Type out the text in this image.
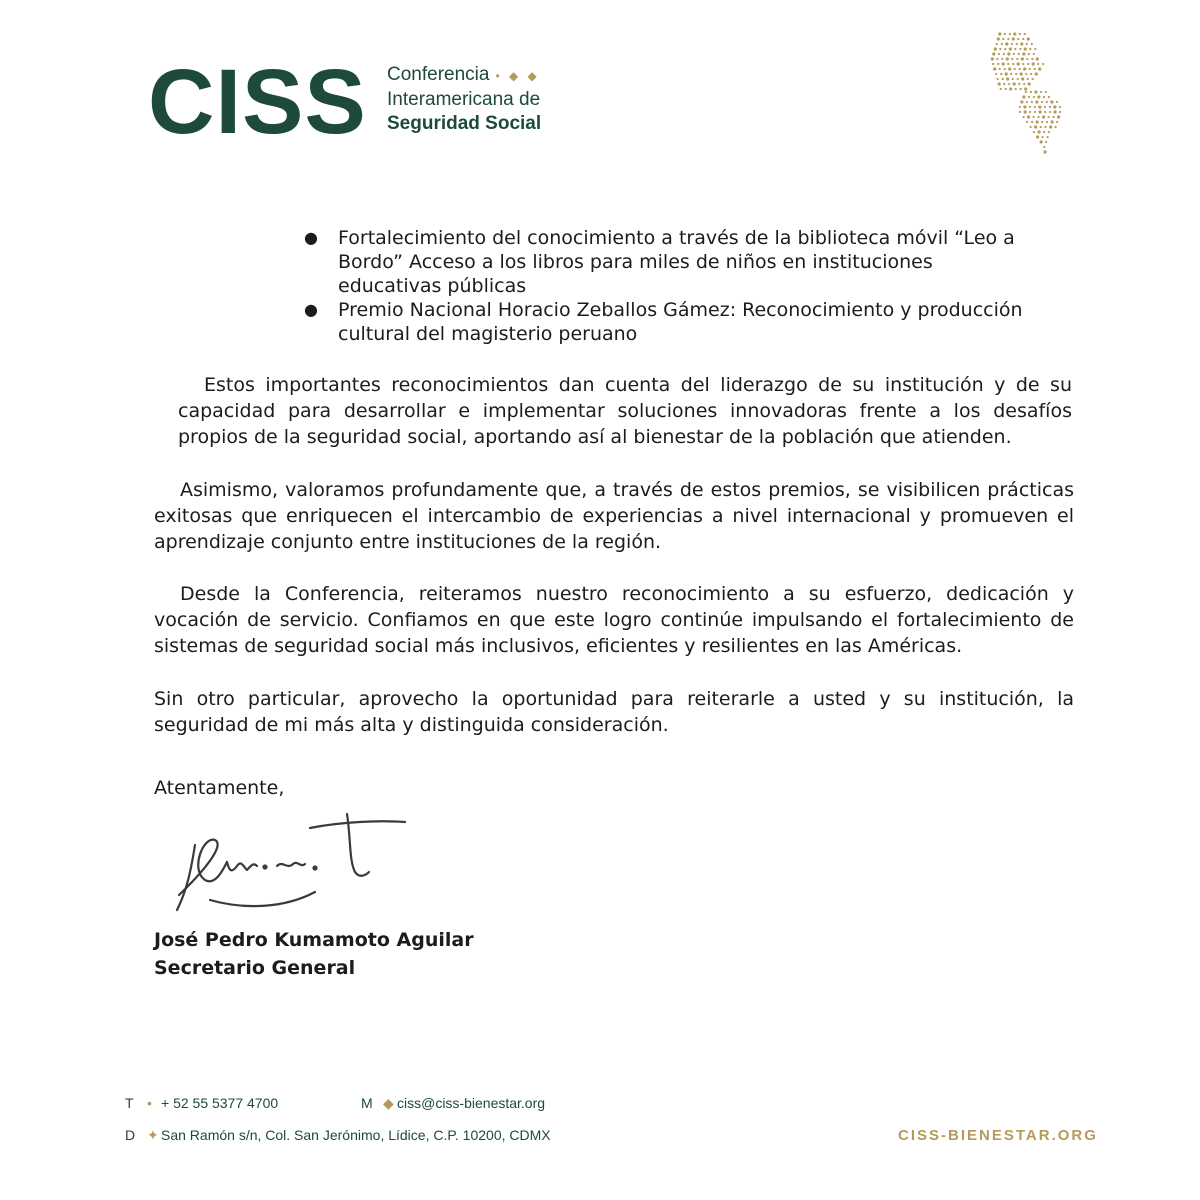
CISS Conferencia • ◆ ◆
Interamericana de
Seguridad Social
● Fortalecimiento del conocimiento a través de la biblioteca móvil “Leo a Bordo” Acceso a los libros para miles de niños en instituciones educativas públicas
● Premio Nacional Horacio Zeballos Gámez: Reconocimiento y producción cultural del magisterio peruano

Estos importantes reconocimientos dan cuenta del liderazgo de su institución y de su capacidad para desarrollar e implementar soluciones innovadoras frente a los desafíos propios de la seguridad social, aportando así al bienestar de la población que atienden.

Asimismo, valoramos profundamente que, a través de estos premios, se visibilicen prácticas exitosas que enriquecen el intercambio de experiencias a nivel internacional y promueven el aprendizaje conjunto entre instituciones de la región.

Desde la Conferencia, reiteramos nuestro reconocimiento a su esfuerzo, dedicación y vocación de servicio. Confiamos en que este logro continúe impulsando el fortalecimiento de sistemas de seguridad social más inclusivos, eficientes y resilientes en las Américas.

Sin otro particular, aprovecho la oportunidad para reiterarle a usted y su institución, la seguridad de mi más alta y distinguida consideración.

Atentamente,
José Pedro Kumamoto Aguilar
Secretario General
T • + 52 55 5377 4700	M ◆ ciss@ciss-bienestar.org
D ✦ San Ramón s/n, Col. San Jerónimo, Lídice, C.P. 10200, CDMX	CISS-BIENESTAR.ORG
